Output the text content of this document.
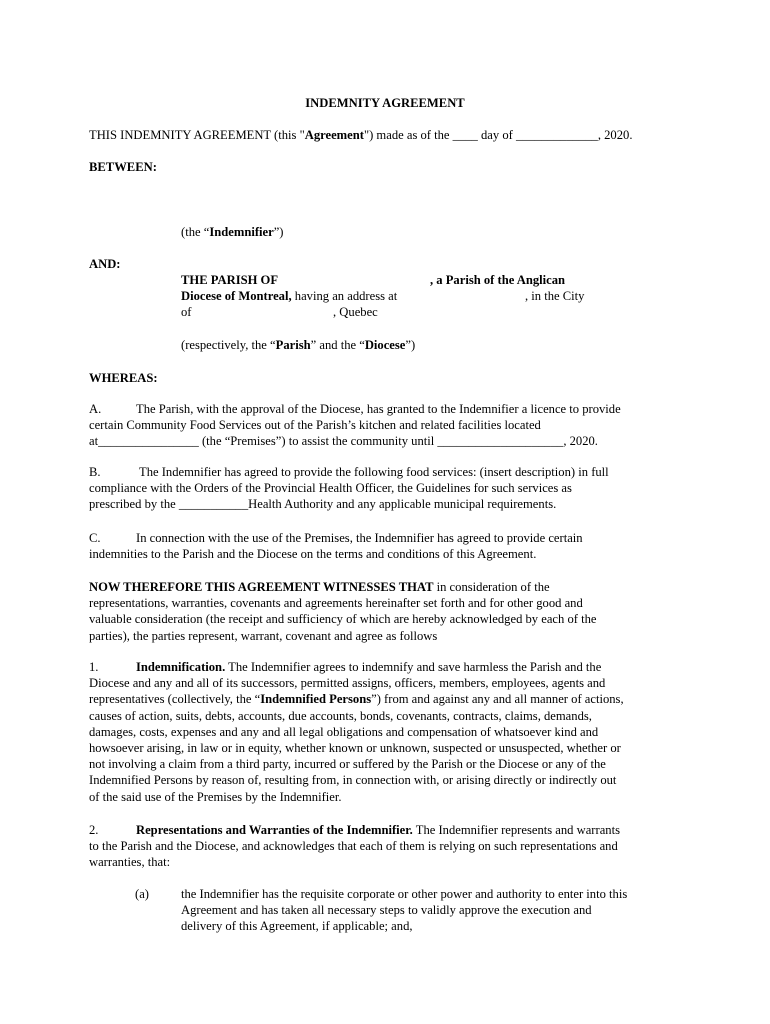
INDEMNITY AGREEMENT
THIS INDEMNITY AGREEMENT (this "Agreement") made as of the ____ day of _____________, 2020.
BETWEEN:
(the “Indemnifier”)
AND:
THE PARISH OF	, a Parish of the Anglican
Diocese of Montreal, having an address at	, in the City
of	, Quebec
(respectively, the “Parish” and the “Diocese”)
WHEREAS:
A.	The Parish, with the approval of the Diocese, has granted to the Indemnifier a licence to provide
certain Community Food Services out of the Parish’s kitchen and related facilities located
at________________ (the “Premises”) to assist the community until ____________________, 2020.
B.	The Indemnifier has agreed to provide the following food services: (insert description) in full
compliance with the Orders of the Provincial Health Officer, the Guidelines for such services as
prescribed by the ___________Health Authority and any applicable municipal requirements.
C.	In connection with the use of the Premises, the Indemnifier has agreed to provide certain
indemnities to the Parish and the Diocese on the terms and conditions of this Agreement.
NOW THEREFORE THIS AGREEMENT WITNESSES THAT in consideration of the
representations, warranties, covenants and agreements hereinafter set forth and for other good and
valuable consideration (the receipt and sufficiency of which are hereby acknowledged by each of the
parties), the parties represent, warrant, covenant and agree as follows
1.	Indemnification. The Indemnifier agrees to indemnify and save harmless the Parish and the
Diocese and any and all of its successors, permitted assigns, officers, members, employees, agents and
representatives (collectively, the “Indemnified Persons”) from and against any and all manner of actions,
causes of action, suits, debts, accounts, due accounts, bonds, covenants, contracts, claims, demands,
damages, costs, expenses and any and all legal obligations and compensation of whatsoever kind and
howsoever arising, in law or in equity, whether known or unknown, suspected or unsuspected, whether or
not involving a claim from a third party, incurred or suffered by the Parish or the Diocese or any of the
Indemnified Persons by reason of, resulting from, in connection with, or arising directly or indirectly out
of the said use of the Premises by the Indemnifier.
2.	Representations and Warranties of the Indemnifier. The Indemnifier represents and warrants
to the Parish and the Diocese, and acknowledges that each of them is relying on such representations and
warranties, that:
(a)	the Indemnifier has the requisite corporate or other power and authority to enter into this
Agreement and has taken all necessary steps to validly approve the execution and
delivery of this Agreement, if applicable; and,
